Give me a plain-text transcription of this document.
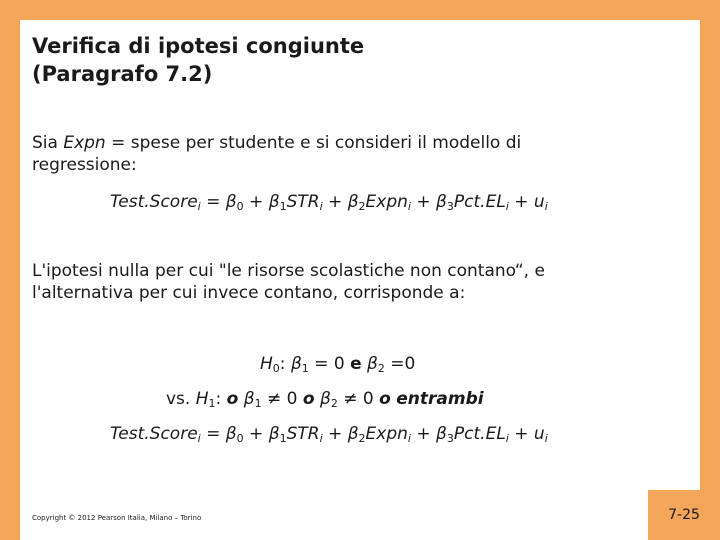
Verifica di ipotesi congiunte
(Paragrafo 7.2)
Sia Expn = spese per studente e si consideri il modello di
regressione:
Test.Score$_i$ = $\beta_0 + \beta_1STR_i$ + $\beta_2Expn_i + \beta_3Pct.EL_i + u_i$
L'ipotesi nulla per cui "le risorse scolastiche non contano“, e
l'alternativa per cui invece contano, corrisponde a:
$H_0$: $\beta_1 = 0$ e $\beta_2 =0$
vs. $H_1$: o $\beta_1 \ne 0$ o $\beta_2 \ne 0$ o entrambi
Test.Score$_i$ = $\beta_0 + \beta_1STR_i$ + $\beta_2Expn_i + \beta_3Pct.EL_i + u_i$
Copyright © 2012 Pearson Italia, Milano – Torino	7-25
